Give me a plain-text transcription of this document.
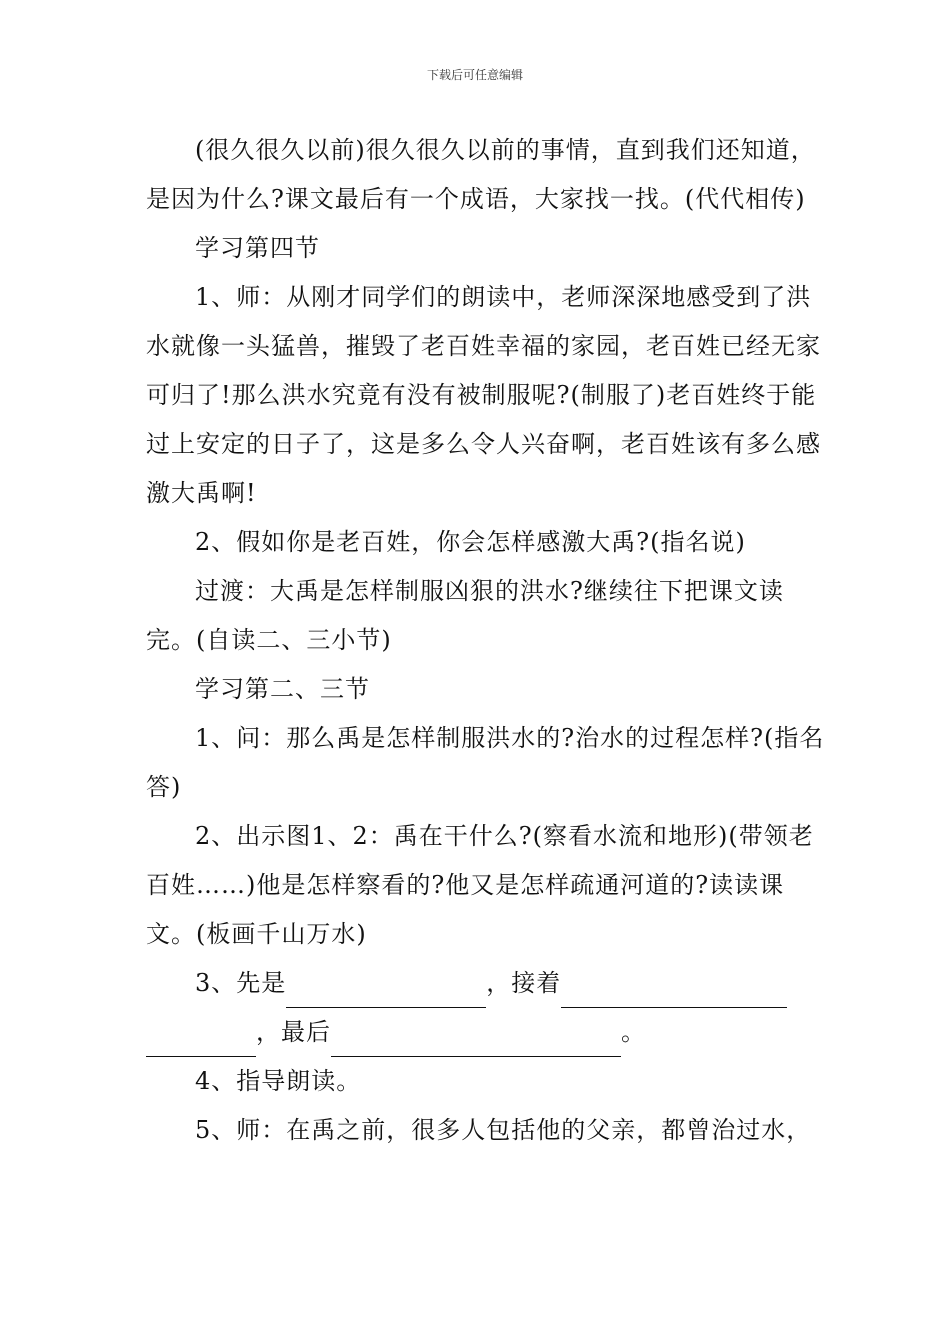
下载后可任意编辑

(很久很久以前)很久很久以前的事情，直到我们还知道，是因为什么?课文最后有一个成语，大家找一找。(代代相传)

学习第四节

1、师：从刚才同学们的朗读中，老师深深地感受到了洪水就像一头猛兽，摧毁了老百姓幸福的家园，老百姓已经无家可归了!那么洪水究竟有没有被制服呢?(制服了)老百姓终于能过上安定的日子了，这是多么令人兴奋啊，老百姓该有多么感激大禹啊!

2、假如你是老百姓，你会怎样感激大禹?(指名说)

过渡：大禹是怎样制服凶狠的洪水?继续往下把课文读完。(自读二、三小节)

学习第二、三节

1、问：那么禹是怎样制服洪水的?治水的过程怎样?(指名答)

2、出示图1、2：禹在干什么?(察看水流和地形)(带领老百姓……)他是怎样察看的?他又是怎样疏通河道的?读读课文。(板画千山万水)

3、先是	，接着，最后	。

4、指导朗读。

5、师：在禹之前，很多人包括他的父亲，都曾治过水，
